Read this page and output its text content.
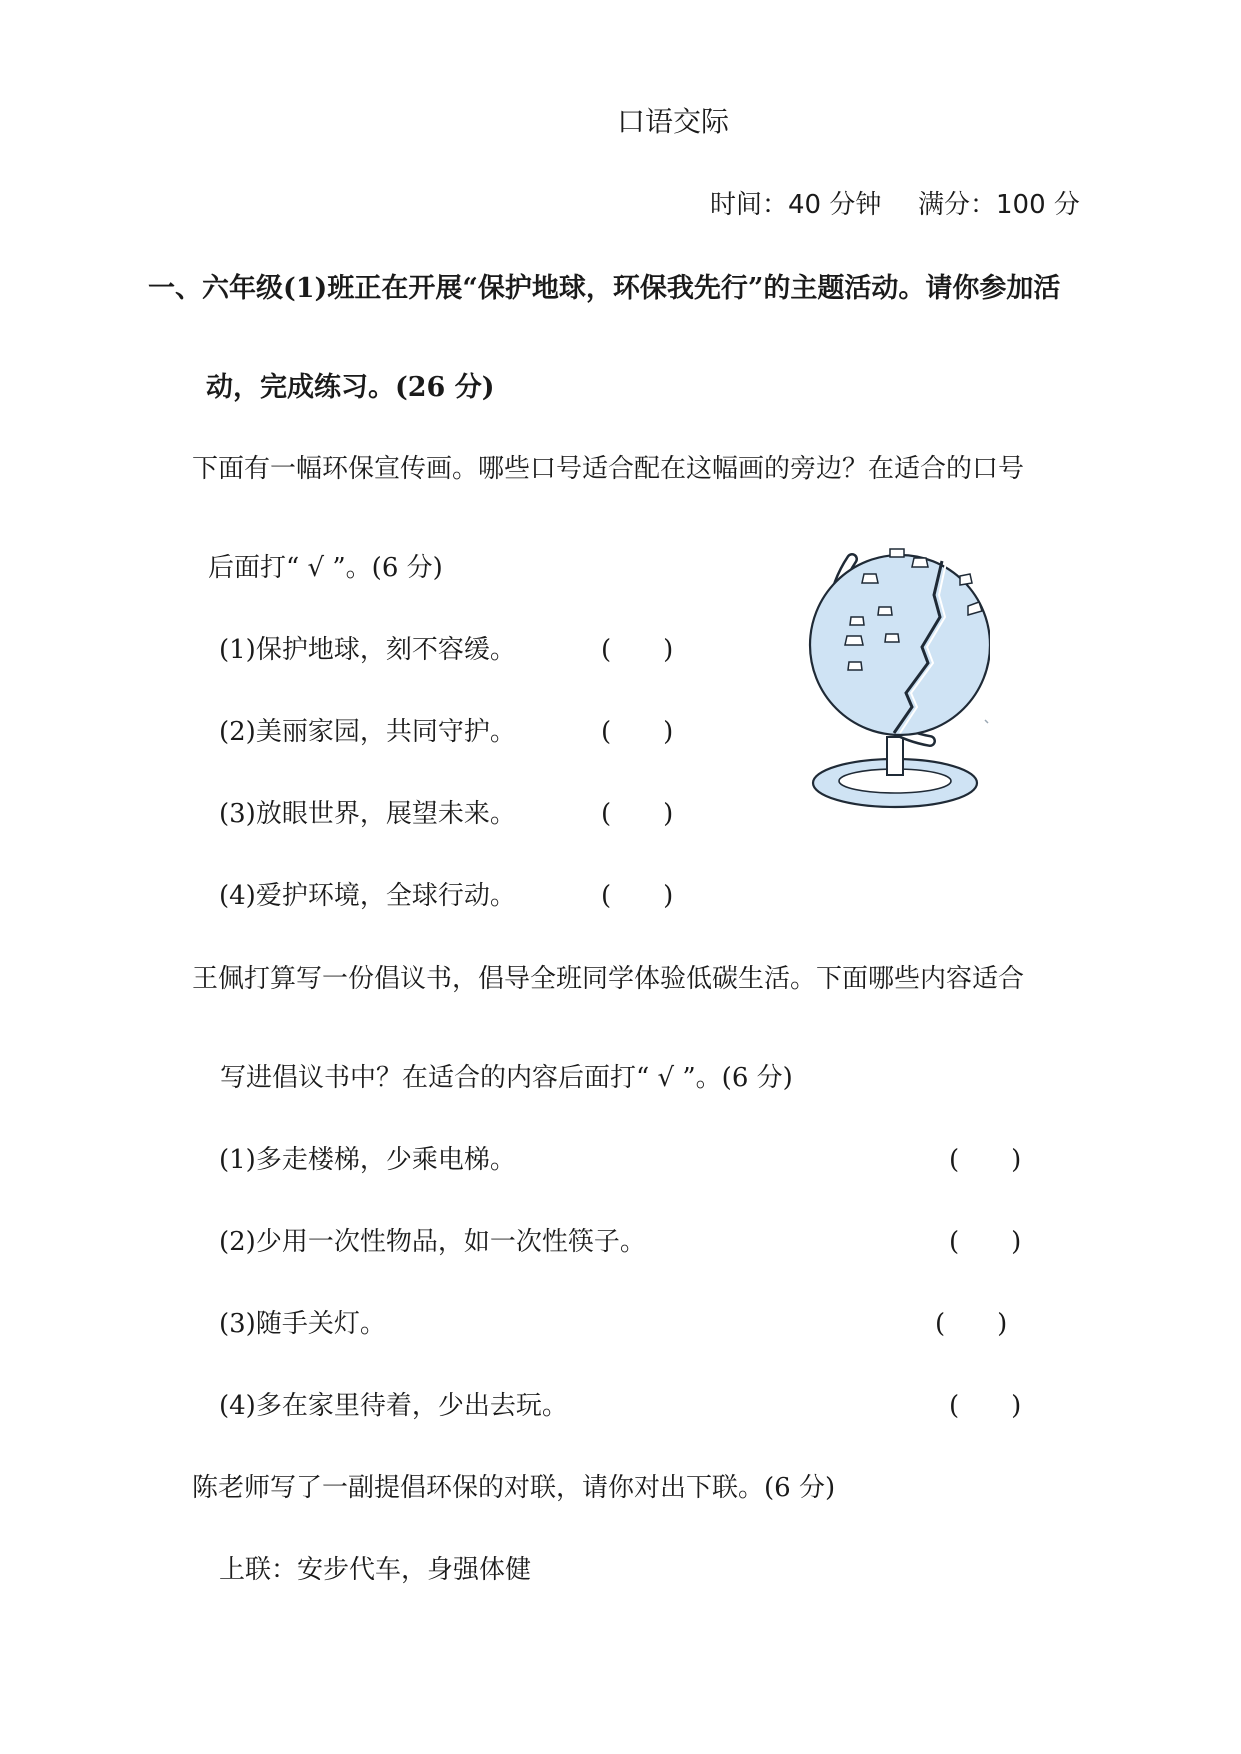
口语交际
时间：40 分钟 满分：100 分
一、六年级(1)班正在开展“保护地球，环保我先行”的主题活动。请你参加活
动，完成练习。(26 分)
下面有一幅环保宣传画。哪些口号适合配在这幅画的旁边？在适合的口号
后面打“ √ ”。(6 分)
(1)保护地球，刻不容缓。	(　　)
(2)美丽家园，共同守护。	(　　)
(3)放眼世界，展望未来。	(　　)
(4)爱护环境，全球行动。	(　　)
王佩打算写一份倡议书，倡导全班同学体验低碳生活。下面哪些内容适合
写进倡议书中？在适合的内容后面打“ √ ”。(6 分)
(1)多走楼梯，少乘电梯。	(　　)
(2)少用一次性物品，如一次性筷子。	(　　)
(3)随手关灯。	(　　)
(4)多在家里待着，少出去玩。	(　　)
陈老师写了一副提倡环保的对联，请你对出下联。(6 分)
上联：安步代车，身强体健
